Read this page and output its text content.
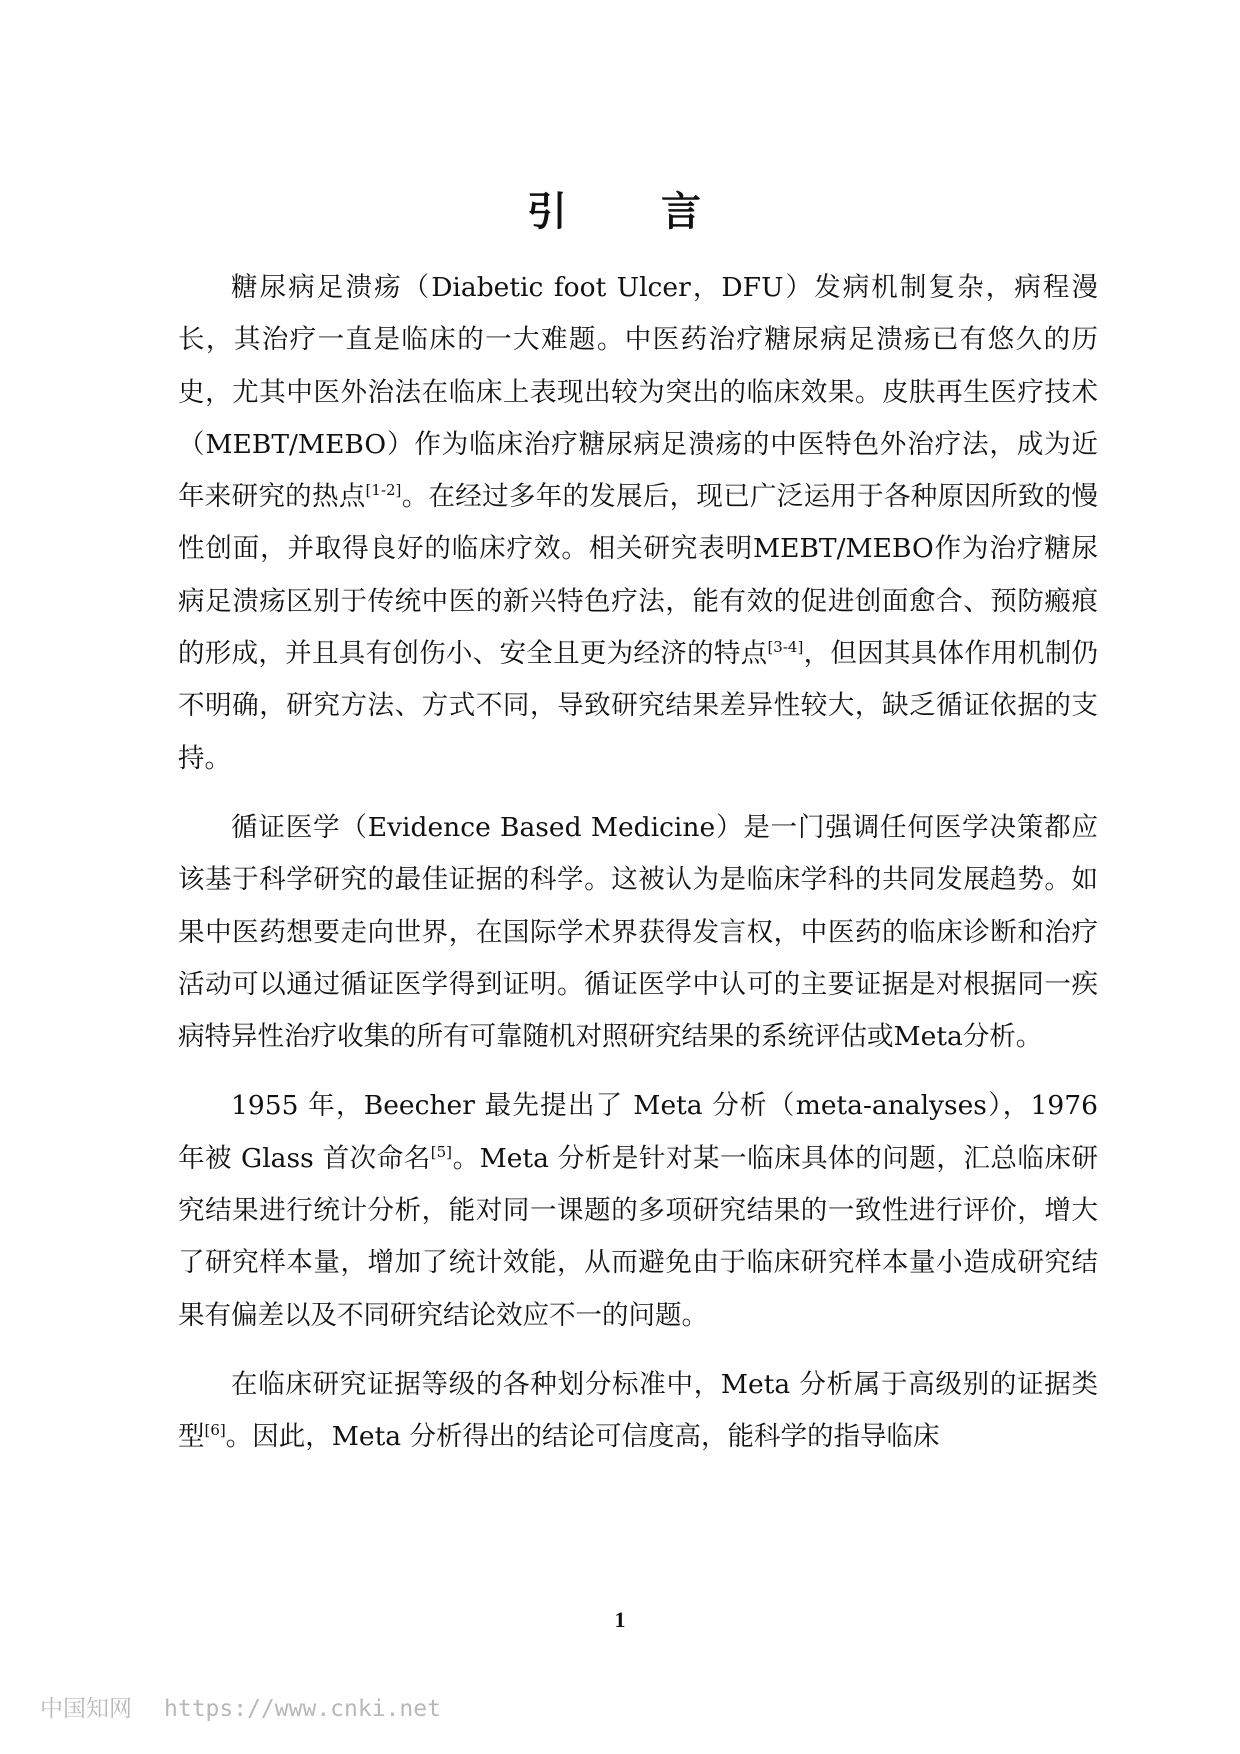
引 言

糖尿病足溃疡（Diabetic foot Ulcer，DFU）发病机制复杂，病程漫长，其治疗一直是临床的一大难题。中医药治疗糖尿病足溃疡已有悠久的历史，尤其中医外治法在临床上表现出较为突出的临床效果。皮肤再生医疗技术（MEBT/MEBO）作为临床治疗糖尿病足溃疡的中医特色外治疗法，成为近年来研究的热点[1-2]。在经过多年的发展后，现已广泛运用于各种原因所致的慢性创面，并取得良好的临床疗效。相关研究表明MEBT/MEBO作为治疗糖尿病足溃疡区别于传统中医的新兴特色疗法，能有效的促进创面愈合、预防瘢痕的形成，并且具有创伤小、安全且更为经济的特点[3-4]，但因其具体作用机制仍不明确，研究方法、方式不同，导致研究结果差异性较大，缺乏循证依据的支持。

循证医学（Evidence Based Medicine）是一门强调任何医学决策都应该基于科学研究的最佳证据的科学。这被认为是临床学科的共同发展趋势。如果中医药想要走向世界，在国际学术界获得发言权，中医药的临床诊断和治疗活动可以通过循证医学得到证明。循证医学中认可的主要证据是对根据同一疾病特异性治疗收集的所有可靠随机对照研究结果的系统评估或Meta分析。

1955 年，Beecher 最先提出了 Meta 分析（meta-analyses），1976 年被 Glass 首次命名[5]。Meta 分析是针对某一临床具体的问题，汇总临床研究结果进行统计分析，能对同一课题的多项研究结果的一致性进行评价，增大了研究样本量，增加了统计效能，从而避免由于临床研究样本量小造成研究结果有偏差以及不同研究结论效应不一的问题。

在临床研究证据等级的各种划分标准中，Meta 分析属于高级别的证据类型[6]。因此，Meta 分析得出的结论可信度高，能科学的指导临床

1
中国知网 https://www.cnki.net
